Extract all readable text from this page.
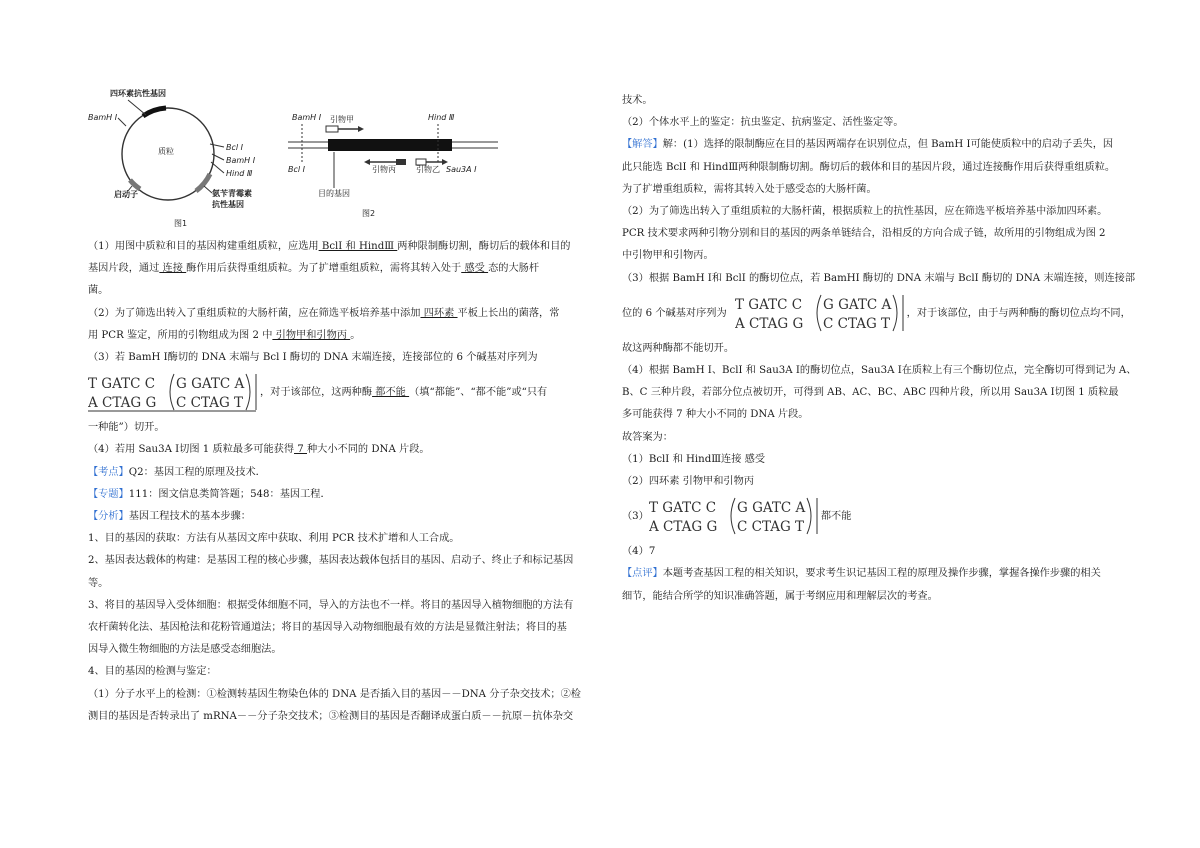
四环素抗性基因
BamH Ⅰ
质粒	Bcl Ⅰ
BamH Ⅰ
Hind Ⅲ
氨苄青霉素
抗性基因
启动子
图1
BamH Ⅰ 引物甲	Hind Ⅲ
Bcl Ⅰ	引物丙	引物乙 Sau3A Ⅰ
目的基因
图2

（1）用图中质粒和目的基因构建重组质粒，应选用 BclI 和 HindⅢ 两种限制酶切割，酶切后的载体和目的

基因片段，通过 连接 酶作用后获得重组质粒。为了扩增重组质粒，需将其转入处于 感受 态的大肠杆

菌。

（2）为了筛选出转入了重组质粒的大肠杆菌，应在筛选平板培养基中添加 四环素 平板上长出的菌落，常

用 PCR 鉴定，所用的引物组成为图 2 中 引物甲和引物丙 。

（3）若 BamH Ⅰ酶切的 DNA 末端与 Bcl Ⅰ 酶切的 DNA 末端连接，连接部位的 6 个碱基对序列为

T GATC C
A CTAG G
G GATC A
C CTAG T
，对于该部位，这两种酶 都不能 （填“都能”、“都不能”或“只有

一种能”）切开。

（4）若用 Sau3A Ⅰ切图 1 质粒最多可能获得 7 种大小不同的 DNA 片段。

【考点】Q2：基因工程的原理及技术．

【专题】111：图文信息类简答题；548：基因工程．

【分析】基因工程技术的基本步骤：

1、目的基因的获取：方法有从基因文库中获取、利用 PCR 技术扩增和人工合成。

2、基因表达载体的构建：是基因工程的核心步骤，基因表达载体包括目的基因、启动子、终止子和标记基因

等。

3、将目的基因导入受体细胞：根据受体细胞不同，导入的方法也不一样。将目的基因导入植物细胞的方法有

农杆菌转化法、基因枪法和花粉管通道法；将目的基因导入动物细胞最有效的方法是显微注射法；将目的基

因导入微生物细胞的方法是感受态细胞法。

4、目的基因的检测与鉴定：

（1）分子水平上的检测：①检测转基因生物染色体的 DNA 是否插入目的基因－－DNA 分子杂交技术；②检

测目的基因是否转录出了 mRNA－－分子杂交技术；③检测目的基因是否翻译成蛋白质－－抗原－抗体杂交

技术。

（2）个体水平上的鉴定：抗虫鉴定、抗病鉴定、活性鉴定等。

【解答】解：(1）选择的限制酶应在目的基因两端存在识别位点，但 BamH Ⅰ可能使质粒中的启动子丢失，因

此只能选 BclI 和 HindⅢ两种限制酶切割。酶切后的载体和目的基因片段，通过连接酶作用后获得重组质粒。

为了扩增重组质粒，需将其转入处于感受态的大肠杆菌。

（2）为了筛选出转入了重组质粒的大肠杆菌，根据质粒上的抗性基因，应在筛选平板培养基中添加四环素。

PCR 技术要求两种引物分别和目的基因的两条单链结合，沿相反的方向合成子链，故所用的引物组成为图 2

中引物甲和引物丙。

（3）根据 BamH Ⅰ和 BclI 的酶切位点，若 BamHI 酶切的 DNA 末端与 BclI 酶切的 DNA 末端连接，则连接部

位的 6 个碱基对序列为
T GATC C
A CTAG G
G GATC A
C CTAG T
，对于该部位，由于与两种酶的酶切位点均不同，

故这两种酶都不能切开。

（4）根据 BamH Ⅰ、BclI 和 Sau3A Ⅰ的酶切位点，Sau3A Ⅰ在质粒上有三个酶切位点，完全酶切可得到记为 A、

B、C 三种片段，若部分位点被切开，可得到 AB、AC、BC、ABC 四种片段，所以用 Sau3A Ⅰ切图 1 质粒最

多可能获得 7 种大小不同的 DNA 片段。

故答案为：

（1）BclI 和 HindⅢ连接 感受

（2）四环素 引物甲和引物丙

（3）
T GATC C
A CTAG G
G GATC A
C CTAG T
都不能

（4）7

【点评】本题考查基因工程的相关知识，要求考生识记基因工程的原理及操作步骤，掌握各操作步骤的相关

细节，能结合所学的知识准确答题，属于考纲应用和理解层次的考查。
